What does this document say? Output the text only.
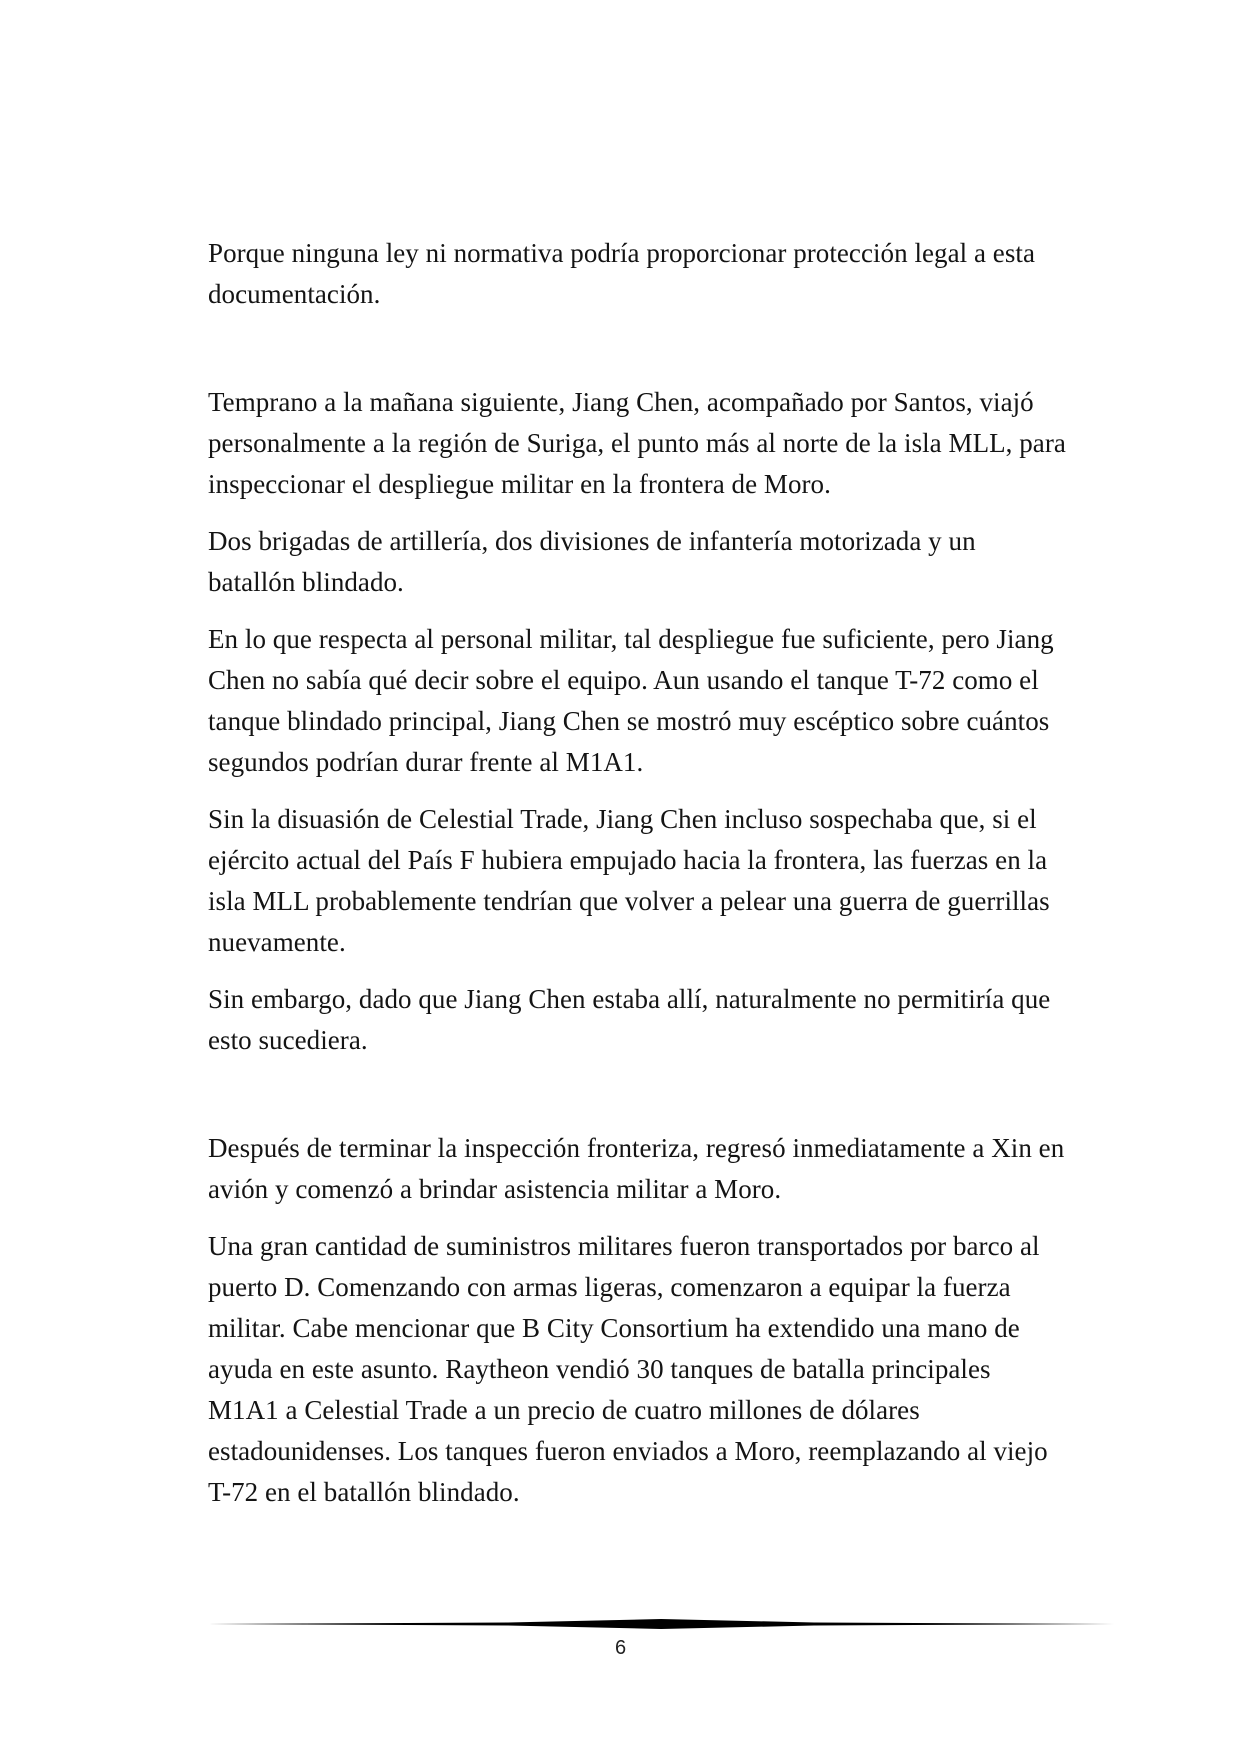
Porque ninguna ley ni normativa podría proporcionar protección legal a esta documentación.

Temprano a la mañana siguiente, Jiang Chen, acompañado por Santos, viajó personalmente a la región de Suriga, el punto más al norte de la isla MLL, para inspeccionar el despliegue militar en la frontera de Moro.

Dos brigadas de artillería, dos divisiones de infantería motorizada y un batallón blindado.

En lo que respecta al personal militar, tal despliegue fue suficiente, pero Jiang Chen no sabía qué decir sobre el equipo. Aun usando el tanque T-72 como el tanque blindado principal, Jiang Chen se mostró muy escéptico sobre cuántos segundos podrían durar frente al M1A1.

Sin la disuasión de Celestial Trade, Jiang Chen incluso sospechaba que, si el ejército actual del País F hubiera empujado hacia la frontera, las fuerzas en la isla MLL probablemente tendrían que volver a pelear una guerra de guerrillas nuevamente.

Sin embargo, dado que Jiang Chen estaba allí, naturalmente no permitiría que esto sucediera.

Después de terminar la inspección fronteriza, regresó inmediatamente a Xin en avión y comenzó a brindar asistencia militar a Moro.

Una gran cantidad de suministros militares fueron transportados por barco al puerto D. Comenzando con armas ligeras, comenzaron a equipar la fuerza militar. Cabe mencionar que B City Consortium ha extendido una mano de ayuda en este asunto. Raytheon vendió 30 tanques de batalla principales M1A1 a Celestial Trade a un precio de cuatro millones de dólares estadounidenses. Los tanques fueron enviados a Moro, reemplazando al viejo T-72 en el batallón blindado.

6
